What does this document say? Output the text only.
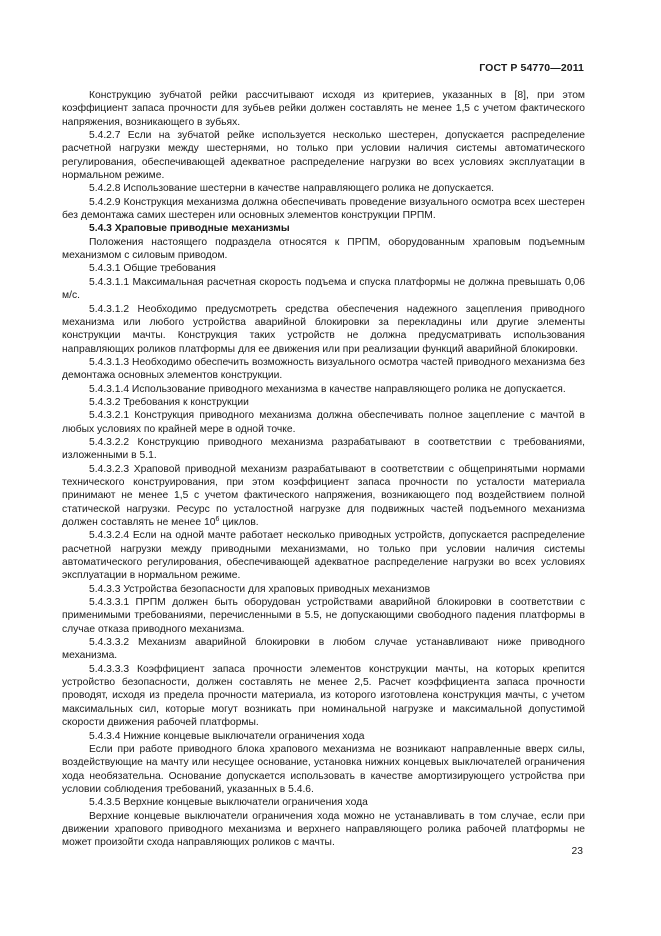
ГОСТ Р 54770—2011

Конструкцию зубчатой рейки рассчитывают исходя из критериев, указанных в [8], при этом коэффициент запаса прочности для зубьев рейки должен составлять не менее 1,5 с учетом фактического напряжения, возникающего в зубьях.

5.4.2.7 Если на зубчатой рейке используется несколько шестерен, допускается распределение расчетной нагрузки между шестернями, но только при условии наличия системы автоматического регулирования, обеспечивающей адекватное распределение нагрузки во всех условиях эксплуатации в нормальном режиме.

5.4.2.8 Использование шестерни в качестве направляющего ролика не допускается.

5.4.2.9 Конструкция механизма должна обеспечивать проведение визуального осмотра всех шестерен без демонтажа самих шестерен или основных элементов конструкции ПРПМ.

5.4.3 Храповые приводные механизмы

Положения настоящего подраздела относятся к ПРПМ, оборудованным храповым подъемным механизмом с силовым приводом.

5.4.3.1 Общие требования

5.4.3.1.1 Максимальная расчетная скорость подъема и спуска платформы не должна превышать 0,06 м/с.

5.4.3.1.2 Необходимо предусмотреть средства обеспечения надежного зацепления приводного механизма или любого устройства аварийной блокировки за перекладины или другие элементы конструкции мачты. Конструкция таких устройств не должна предусматривать использования направляющих роликов платформы для ее движения или при реализации функций аварийной блокировки.

5.4.3.1.3 Необходимо обеспечить возможность визуального осмотра частей приводного механизма без демонтажа основных элементов конструкции.

5.4.3.1.4 Использование приводного механизма в качестве направляющего ролика не допускается.

5.4.3.2 Требования к конструкции

5.4.3.2.1 Конструкция приводного механизма должна обеспечивать полное зацепление с мачтой в любых условиях по крайней мере в одной точке.

5.4.3.2.2 Конструкцию приводного механизма разрабатывают в соответствии с требованиями, изложенными в 5.1.

5.4.3.2.3 Храповой приводной механизм разрабатывают в соответствии с общепринятыми нормами технического конструирования, при этом коэффициент запаса прочности по усталости материала принимают не менее 1,5 с учетом фактического напряжения, возникающего под воздействием полной статической нагрузки. Ресурс по усталостной нагрузке для подвижных частей подъемного механизма должен составлять не менее $10^6$ циклов.

5.4.3.2.4 Если на одной мачте работает несколько приводных устройств, допускается распределение расчетной нагрузки между приводными механизмами, но только при условии наличия системы автоматического регулирования, обеспечивающей адекватное распределение нагрузки во всех условиях эксплуатации в нормальном режиме.

5.4.3.3 Устройства безопасности для храповых приводных механизмов

5.4.3.3.1 ПРПМ должен быть оборудован устройствами аварийной блокировки в соответствии с применимыми требованиями, перечисленными в 5.5, не допускающими свободного падения платформы в случае отказа приводного механизма.

5.4.3.3.2 Механизм аварийной блокировки в любом случае устанавливают ниже приводного механизма.

5.4.3.3.3 Коэффициент запаса прочности элементов конструкции мачты, на которых крепится устройство безопасности, должен составлять не менее 2,5. Расчет коэффициента запаса прочности проводят, исходя из предела прочности материала, из которого изготовлена конструкция мачты, с учетом максимальных сил, которые могут возникать при номинальной нагрузке и максимальной допустимой скорости движения рабочей платформы.

5.4.3.4 Нижние концевые выключатели ограничения хода

Если при работе приводного блока храпового механизма не возникают направленные вверх силы, воздействующие на мачту или несущее основание, установка нижних концевых выключателей ограничения хода необязательна. Основание допускается использовать в качестве амортизирующего устройства при условии соблюдения требований, указанных в 5.4.6.

5.4.3.5 Верхние концевые выключатели ограничения хода

Верхние концевые выключатели ограничения хода можно не устанавливать в том случае, если при движении храпового приводного механизма и верхнего направляющего ролика рабочей платформы не может произойти схода направляющих роликов с мачты.

23
